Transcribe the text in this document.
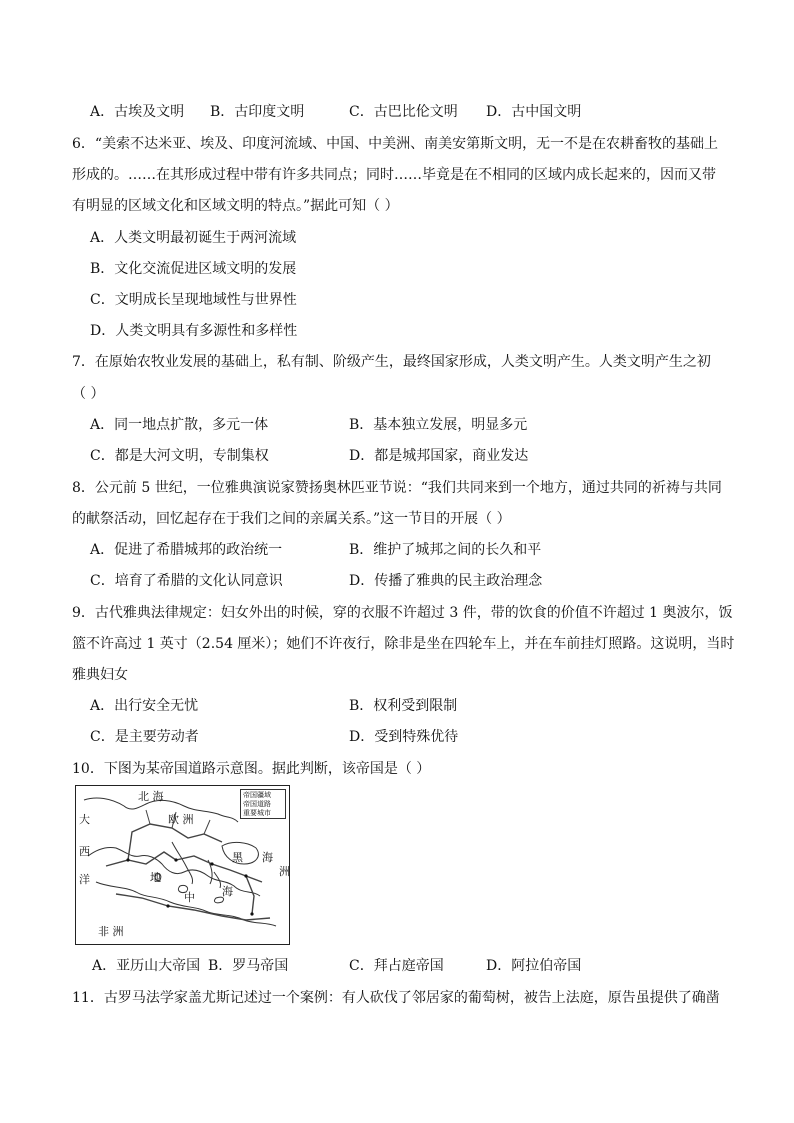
A．古埃及文明 B．古印度文明	C．古巴比伦文明 D．古中国文明
6．“美索不达米亚、埃及、印度河流域、中国、中美洲、南美安第斯文明，无一不是在农耕畜牧的基础上
形成的。……在其形成过程中带有许多共同点；同时……毕竟是在不相同的区域内成长起来的，因而又带
有明显的区域文化和区域文明的特点。”据此可知（ ）
A．人类文明最初诞生于两河流域
B．文化交流促进区域文明的发展
C．文明成长呈现地域性与世界性
D．人类文明具有多源性和多样性
7．在原始农牧业发展的基础上，私有制、阶级产生，最终国家形成，人类文明产生。人类文明产生之初
（ ）
A．同一地点扩散，多元一体	B．基本独立发展，明显多元
C．都是大河文明，专制集权	D．都是城邦国家，商业发达
8．公元前 5 世纪，一位雅典演说家赞扬奥林匹亚节说：“我们共同来到一个地方，通过共同的祈祷与共同
的献祭活动，回忆起存在于我们之间的亲属关系。”这一节目的开展（ ）
A．促进了希腊城邦的政治统一	B．维护了城邦之间的长久和平
C．培育了希腊的文化认同意识	D．传播了雅典的民主政治理念
9．古代雅典法律规定：妇女外出的时候，穿的衣服不许超过 3 件，带的饮食的价值不许超过 1 奥波尔，饭
篮不许高过 1 英寸（2.54 厘米）；她们不许夜行，除非是坐在四轮车上，并在车前挂灯照路。这说明，当时
雅典妇女
A．出行安全无忧	B．权利受到限制
C．是主要劳动者	D．受到特殊优待
10．下图为某帝国道路示意图。据此判断，该帝国是（ ）
北 海
大
西
洋
欧 洲
黑 海
洲
地
中 海
非 洲
帝国疆域
帝国道路
重要城市
A．亚历山大帝国 B．罗马帝国	C．拜占庭帝国	D．阿拉伯帝国
11．古罗马法学家盖尤斯记述过一个案例：有人砍伐了邻居家的葡萄树，被告上法庭，原告虽提供了确凿
